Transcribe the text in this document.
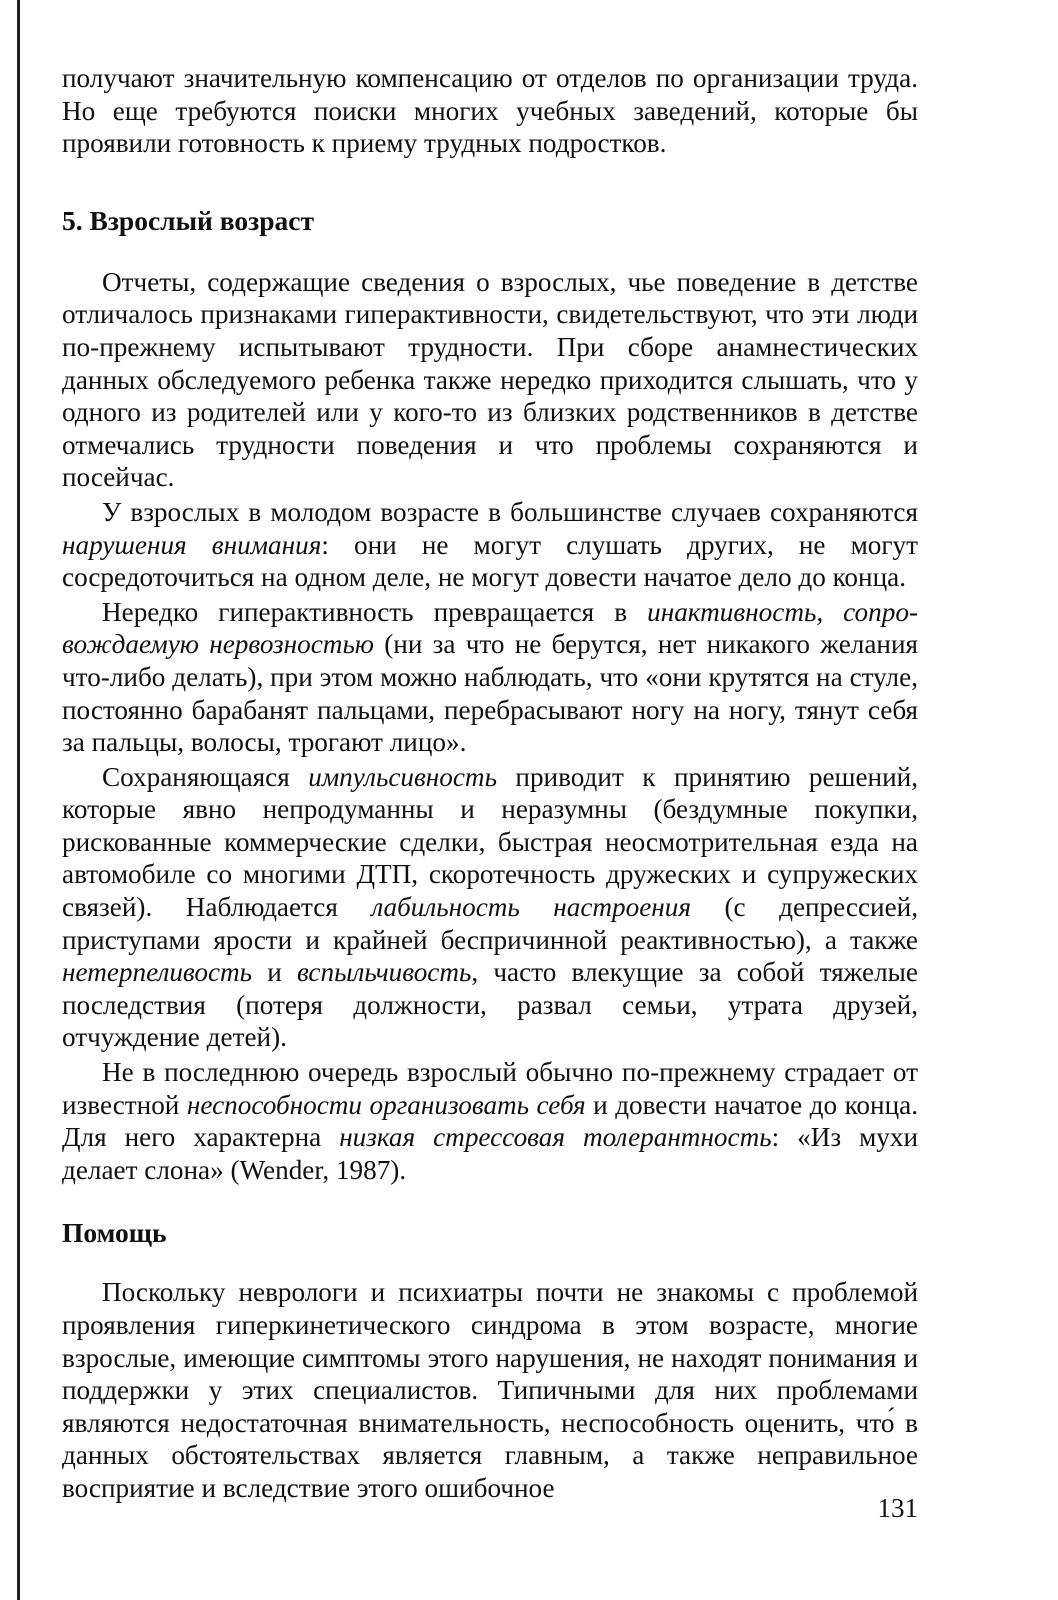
получают значительную компенсацию от отделов по организации труда. Но еще требуются поиски многих учебных заведений, которые бы проявили готовность к приему трудных подростков.

5. Взрослый возраст

Отчеты, содержащие сведения о взрослых, чье поведение в детстве отличалось признаками гиперактивности, свидетельствуют, что эти люди по-прежнему испытывают трудности. При сборе анамнестических данных обследуемого ребенка также нередко приходится слышать, что у одного из родителей или у кого-то из близких родственников в детстве отмечались трудности поведения и что проблемы сохраняются и посейчас.

У взрослых в молодом возрасте в большинстве случаев сохраняются нарушения внимания: они не могут слушать других, не могут сосредоточиться на одном деле, не могут довести начатое дело до конца.

Нередко гиперактивность превращается в инактивность, сопровождаемую нервозностью (ни за что не берутся, нет никакого желания что-либо делать), при этом можно наблюдать, что «они крутятся на стуле, постоянно барабанят пальцами, перебрасывают ногу на ногу, тянут себя за пальцы, волосы, трогают лицо».

Сохраняющаяся импульсивность приводит к принятию решений, которые явно непродуманны и неразумны (бездумные покупки, рискованные коммерческие сделки, быстрая неосмотрительная езда на автомобиле со многими ДТП, скоротечность дружеских и супружеских связей). Наблюдается лабильность настроения (с депрессией, приступами ярости и крайней беспричинной реактивностью), а также нетерпеливость и вспыльчивость, часто влекущие за собой тяжелые последствия (потеря должности, развал семьи, утрата друзей, отчуждение детей).

Не в последнюю очередь взрослый обычно по-прежнему страдает от известной неспособности организовать себя и довести начатое до конца. Для него характерна низкая стрессовая толерантность: «Из мухи делает слона» (Wender, 1987).

Помощь

Поскольку неврологи и психиатры почти не знакомы с проблемой проявления гиперкинетического синдрома в этом возрасте, многие взрослые, имеющие симптомы этого нарушения, не находят понимания и поддержки у этих специалистов. Типичными для них проблемами являются недостаточная внимательность, неспособность оценить, что́ в данных обстоятельствах является главным, а также неправильное восприятие и вследствие этого ошибочное

131
